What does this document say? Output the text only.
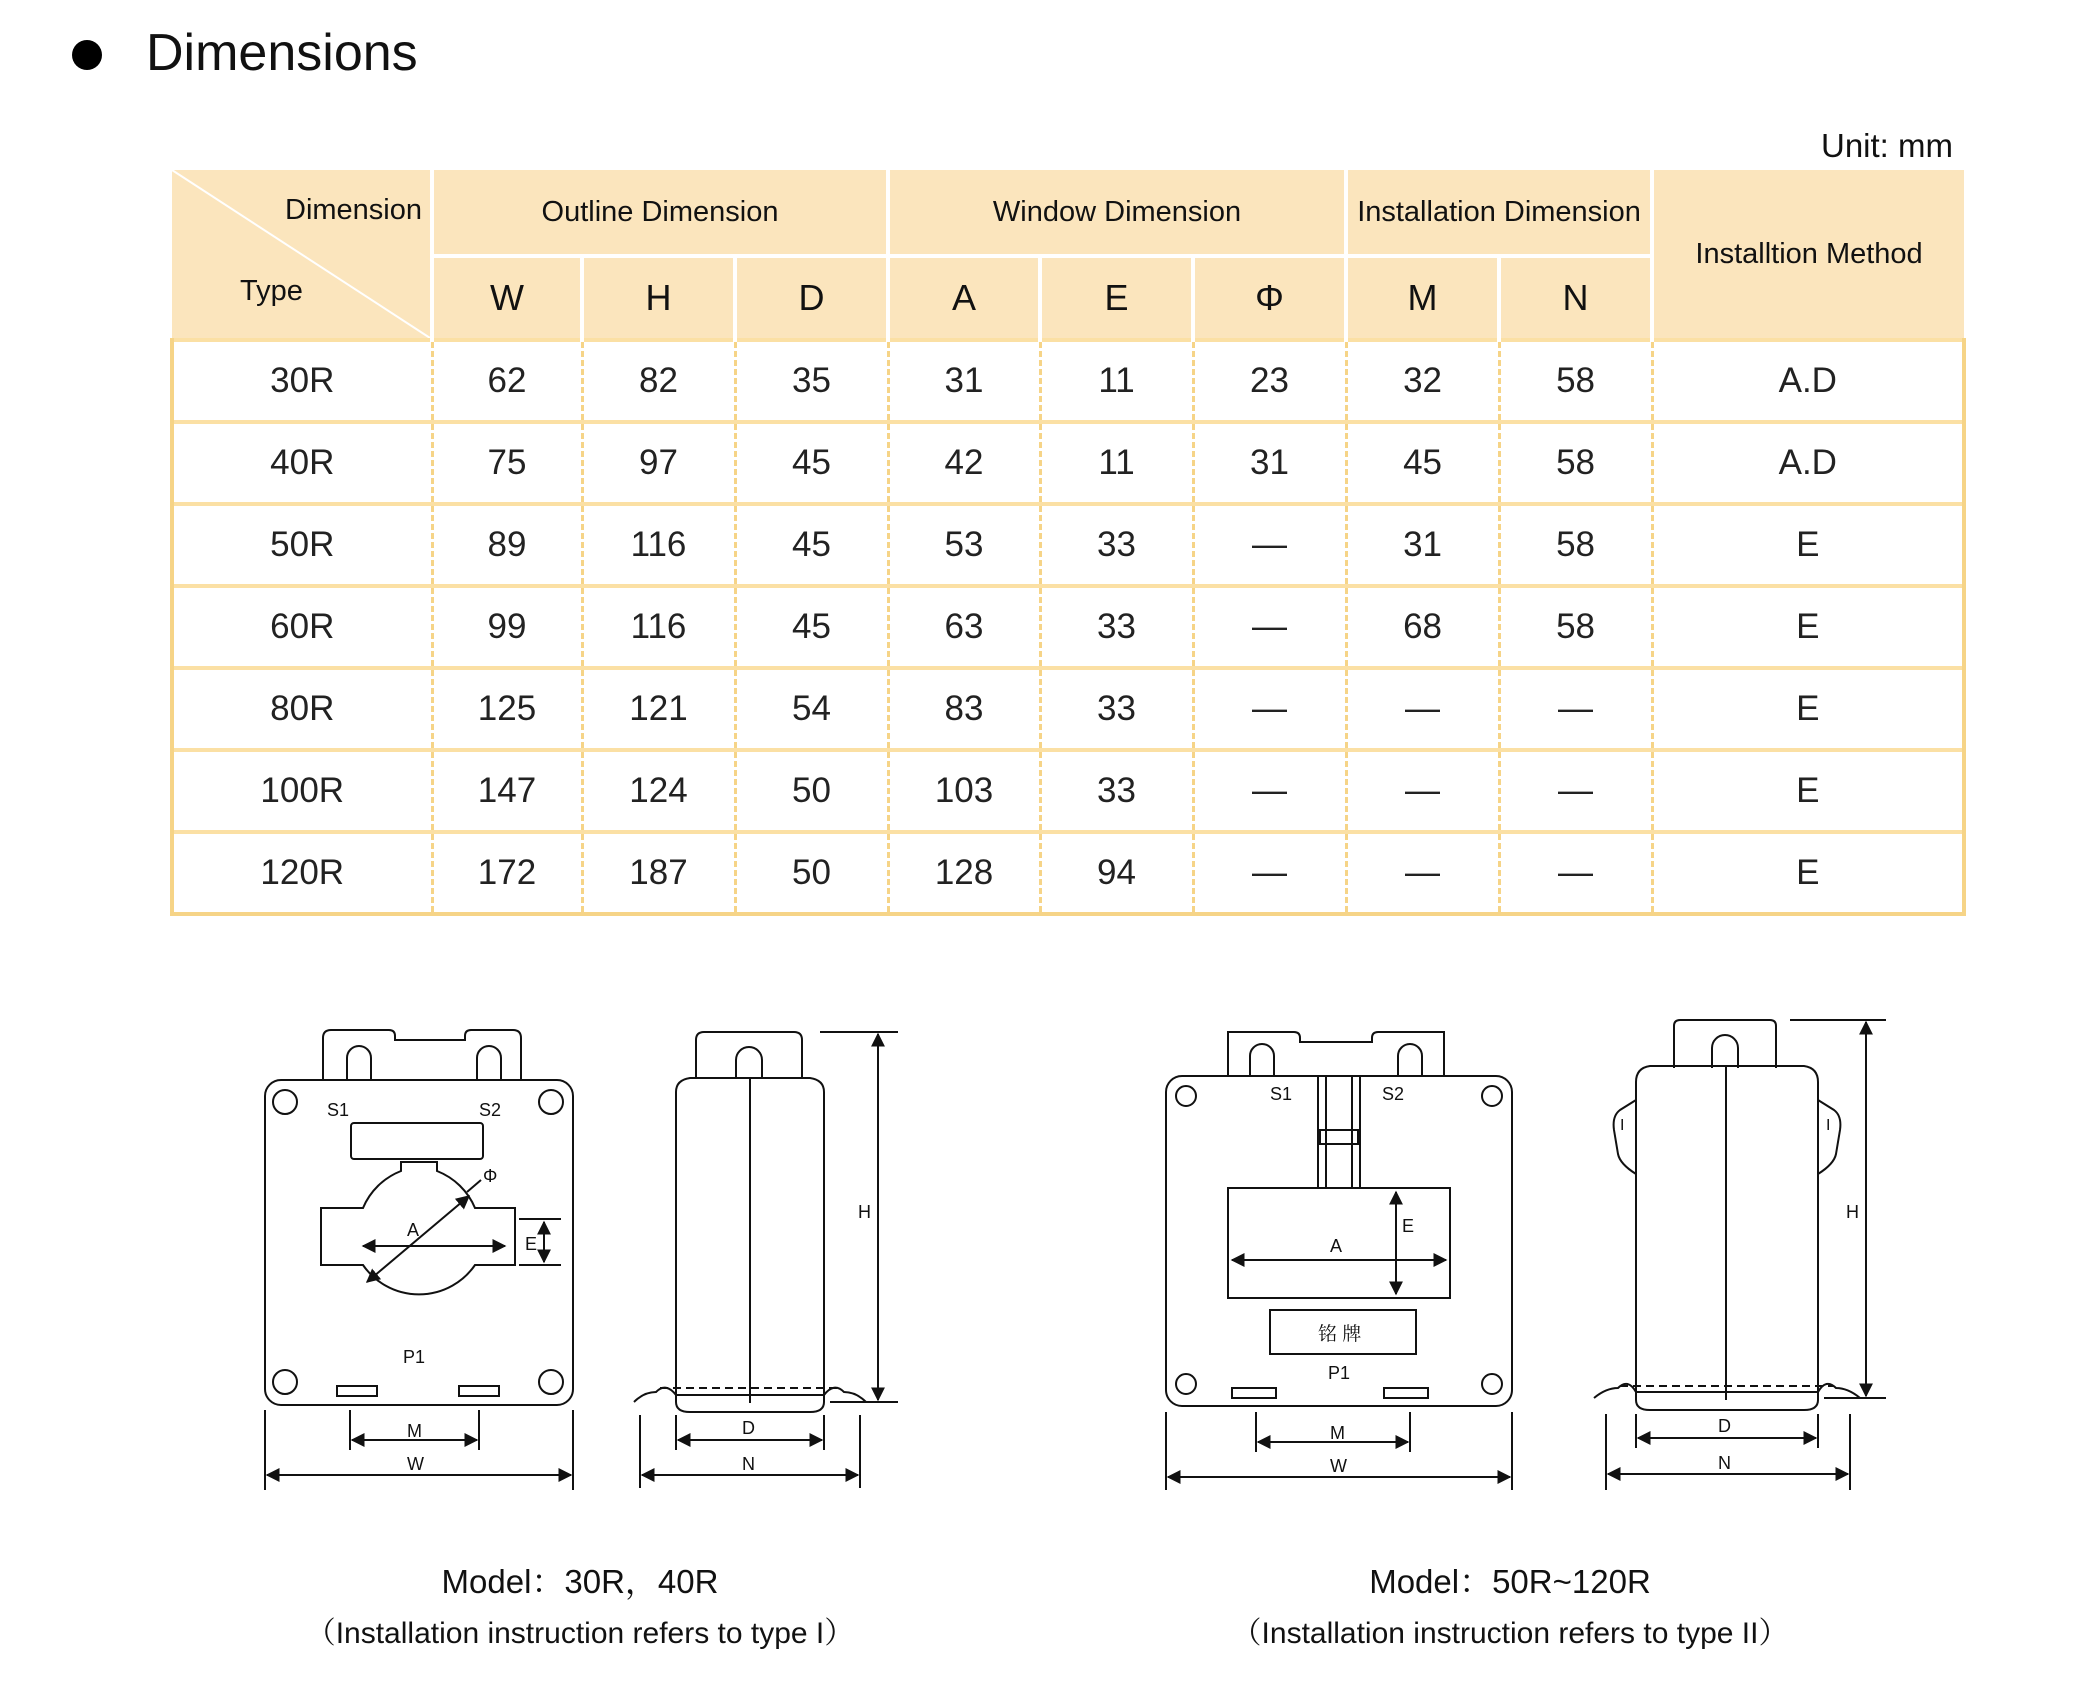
Dimensions
Unit: mm
Dimension
Type	Outline Dimension			Window Dimension			Installation Dimension		Installtion Method
	W	H	D	A	E	Φ	M	N	
30R	62	82	35	31	11	23	32	58	A.D
40R	75	97	45	42	11	31	45	58	A.D
50R	89	116	45	53	33	—	31	58	E
60R	99	116	45	63	33	—	68	58	E
80R	125	121	54	83	33	—	—	—	E
100R	147	124	50	103	33	—	—	—	E
120R	172	187	50	128	94	—	—	—	E
S1	S2
Φ
A
E
P1
M
W
H
D
N
S1	S2
E
A
铭 牌
P1
M
W
I	I
H
D
N
Model：30R，40R
（Installation instruction refers to type I）
Model：50R~120R
（Installation instruction refers to type II）
